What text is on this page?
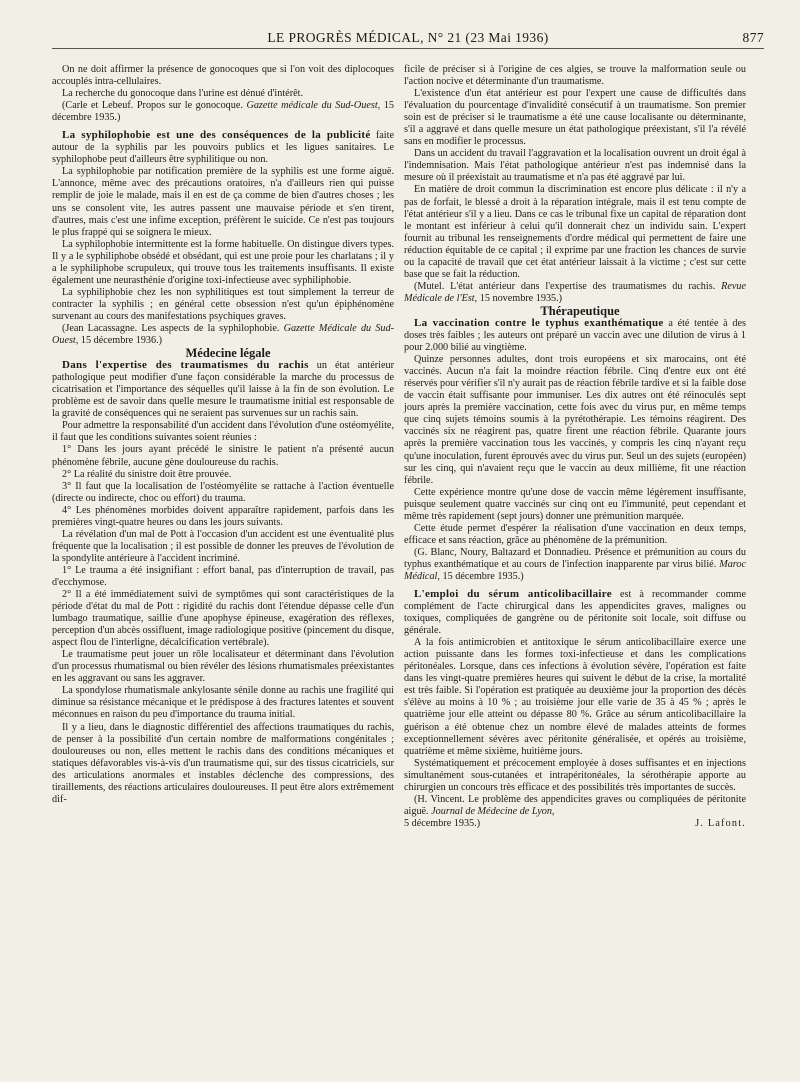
LE PROGRÈS MÉDICAL, N° 21 (23 Mai 1936)	877

On ne doit affirmer la présence de gonocoques que si l'on voit des diplocoques accouplés intra-cellulaires.

La recherche du gonocoque dans l'urine est dénué d'intérêt.

(Carle et Lebeuf. Propos sur le gonocoque. Gazette médicale du Sud-Ouest, 15 décembre 1935.)

La syphilophobie est une des conséquences de la publicité faite autour de la syphilis par les pouvoirs publics et les ligues sanitaires. Le syphilophobe peut d'ailleurs être syphilitique ou non.

La syphilophobie par notification première de la syphilis est une forme aiguë. L'annonce, même avec des précautions oratoires, n'a d'ailleurs rien qui puisse remplir de joie le malade, mais il en est de ça comme de bien d'autres choses ; les uns se consolent vite, les autres passent une mauvaise période et s'en tirent, d'autres, mais c'est une infime exception, préfèrent le suicide. Ce n'est pas toujours le plus frappé qui se soignera le mieux.

La syphilophobie intermittente est la forme habituelle. On distingue divers types. Il y a le syphiliphobe obsédé et obsédant, qui est une proie pour les charlatans ; il y a le syphiliphobe scrupuleux, qui trouve tous les traitements insuffisants. Il existe également une neurasthénie d'origine toxi-infectieuse avec syphiliphobie.

La syphiliphobie chez les non syphilitiques est tout simplement la terreur de contracter la syphilis ; en général cette obsession n'est qu'un épiphénomène survenant au cours des manifestations psychiques graves.

(Jean Lacassagne. Les aspects de la syphilophobie. Gazette Médicale du Sud-Ouest, 15 décembre 1936.)

Médecine légale

Dans l'expertise des traumatismes du rachis un état antérieur pathologique peut modifier d'une façon considérable la marche du processus de cicatrisation et l'importance des séquelles qu'il laisse à la fin de son évolution. Le problème est de savoir dans quelle mesure le traumatisme initial est responsable de la gravité de conséquences qui ne seraient pas survenues sur un rachis sain.

Pour admettre la responsabilité d'un accident dans l'évolution d'une ostéomyélite, il faut que les conditions suivantes soient réunies :

1° Dans les jours ayant précédé le sinistre le patient n'a présenté aucun phénomène fébrile, aucune gène douloureuse du rachis.

2° La réalité du sinistre doit être prouvée.

3° Il faut que la localisation de l'ostéomyélite se rattache à l'action éventuelle (directe ou indirecte, choc ou effort) du trauma.

4° Les phénomènes morbides doivent apparaître rapidement, parfois dans les premières vingt-quatre heures ou dans les jours suivants.

La révélation d'un mal de Pott à l'occasion d'un accident est une éventualité plus fréquente que la localisation ; il est possible de donner les preuves de l'évolution de la spondylite antérieure à l'accident incriminé.

1° Le trauma a été insignifiant : effort banal, pas d'interruption de travail, pas d'ecchymose.

2° Il a été immédiatement suivi de symptômes qui sont caractéristiques de la période d'état du mal de Pott : rigidité du rachis dont l'étendue dépasse celle d'un lumbago traumatique, saillie d'une apophyse épineuse, exagération des réflexes, perception d'un abcès ossifluent, image radiologique positive (pincement du disque, aspect flou de l'interligne, décalcification vertébrale).

Le traumatisme peut jouer un rôle localisateur et déterminant dans l'évolution d'un processus rhumatismal ou bien révéler des lésions rhumatismales préexistantes en les aggravant ou sans les aggraver.

La spondylose rhumatismale ankylosante sénile donne au rachis une fragilité qui diminue sa résistance mécanique et le prédispose à des fractures latentes et souvent méconnues en raison du peu d'importance du trauma initial.

Il y a lieu, dans le diagnostic différentiel des affections traumatiques du rachis, de penser à la possibilité d'un certain nombre de malformations congénitales ; douloureuses ou non, elles mettent le rachis dans des conditions mécaniques et statiques défavorables vis-à-vis d'un traumatisme qui, sur des tissus cicatriciels, sur des articulations anormales et instables déclenche des compressions, des tiraillements, des réactions articulaires douloureuses. Il peut être alors extrêmement dif-

ficile de préciser si à l'origine de ces algies, se trouve la malformation seule ou l'action nocive et déterminante d'un traumatisme.

L'existence d'un état antérieur est pour l'expert une cause de difficultés dans l'évaluation du pourcentage d'invalidité consécutif à un traumatisme. Son premier soin est de préciser si le traumatisme a été une cause localisante ou déterminante, s'il a aggravé et dans quelle mesure un état pathologique préexistant, s'il l'a révélé sans en modifier le processus.

Dans un accident du travail l'aggravation et la localisation ouvrent un droit égal à l'indemnisation. Mais l'état pathologique antérieur n'est pas indemnisé dans la mesure où il préexistait au traumatisme et n'a pas été aggravé par lui.

En matière de droit commun la discrimination est encore plus délicate : il n'y a pas de forfait, le blessé a droit à la réparation intégrale, mais il est tenu compte de l'état antérieur s'il y a lieu. Dans ce cas le tribunal fixe un capital de réparation dont le montant est inférieur à celui qu'il donnerait chez un individu sain. L'expert fournit au tribunal les renseignements d'ordre médical qui permettent de faire une réduction équitable de ce capital ; il exprime par une fraction les chances de survie ou la capacité de travail que cet état antérieur laissait à la victime ; c'est sur cette base que se fait la réduction.

(Mutel. L'état antérieur dans l'expertise des traumatismes du rachis. Revue Médicale de l'Est, 15 novembre 1935.)

Thérapeutique

La vaccination contre le typhus exanthématique a été tentée à des doses très faibles ; les auteurs ont préparé un vaccin avec une dilution de virus à 1 pour 2.000 bilié au vingtième.

Quinze personnes adultes, dont trois européens et six marocains, ont été vaccinés. Aucun n'a fait la moindre réaction fébrile. Cinq d'entre eux ont été réservés pour vérifier s'il n'y aurait pas de réaction fébrile tardive et si la faible dose de vaccin était suffisante pour immuniser. Les dix autres ont été réinoculés sept jours après la première vaccination, cette fois avec du virus pur, en même temps que cinq sujets témoins soumis à la pyrétothérapie. Les témoins réagirent. Des vaccinés six ne réagirent pas, quatre firent une réaction fébrile. Quarante jours après la première vaccination tous les vaccinés, y compris les cinq n'ayant reçu qu'une inoculation, furent éprouvés avec du virus pur. Seul un des sujets (européen) sur les cinq, qui n'avaient reçu que le vaccin au deux millième, fit une réaction fébrile.

Cette expérience montre qu'une dose de vaccin même légèrement insuffisante, puisque seulement quatre vaccinés sur cinq ont eu l'immunité, peut cependant et même très rapidement (sept jours) donner une prémunition marquée.

Cette étude permet d'espérer la réalisation d'une vaccination en deux temps, efficace et sans réaction, grâce au phénomène de la prémunition.

(G. Blanc, Noury, Baltazard et Donnadieu. Présence et prémunition au cours du typhus exanthématique et au cours de l'infection inapparente par virus bilié. Maroc Médical, 15 décembre 1935.)

L'emploi du sérum anticolibacillaire est à recommander comme complément de l'acte chirurgical dans les appendicites graves, malignes ou toxiques, compliquées de gangrène ou de péritonite soit locale, soit diffuse ou générale.

A la fois antimicrobien et antitoxique le sérum anticolibacillaire exerce une action puissante dans les formes toxi-infectieuse et dans les complications péritonéales. Lorsque, dans ces infections à évolution sévère, l'opération est faite dans les vingt-quatre premières heures qui suivent le début de la crise, la mortalité est très faible. Si l'opération est pratiquée au deuxième jour la proportion des décès s'élève au moins à 10 % ; au troisième jour elle varie de 35 à 45 % ; après le quatrième jour elle atteint ou dépasse 80 %. Grâce au sérum anticolibacillaire la guérison a été obtenue chez un nombre élevé de malades atteints de formes exceptionnellement sévères avec péritonite généralisée, et opérés au troisième, quatrième et même sixième, huitième jours.

Systématiquement et précocement employée à doses suffisantes et en injections simultanément sous-cutanées et intrapéritonéales, la sérothérapie apporte au chirurgien un concours très efficace et des possibilités très importantes de succès.

(H. Vincent. Le problème des appendicites graves ou compliquées de péritonite aiguë. Journal de Médecine de Lyon,

5 décembre 1935.)	J. Lafont.
